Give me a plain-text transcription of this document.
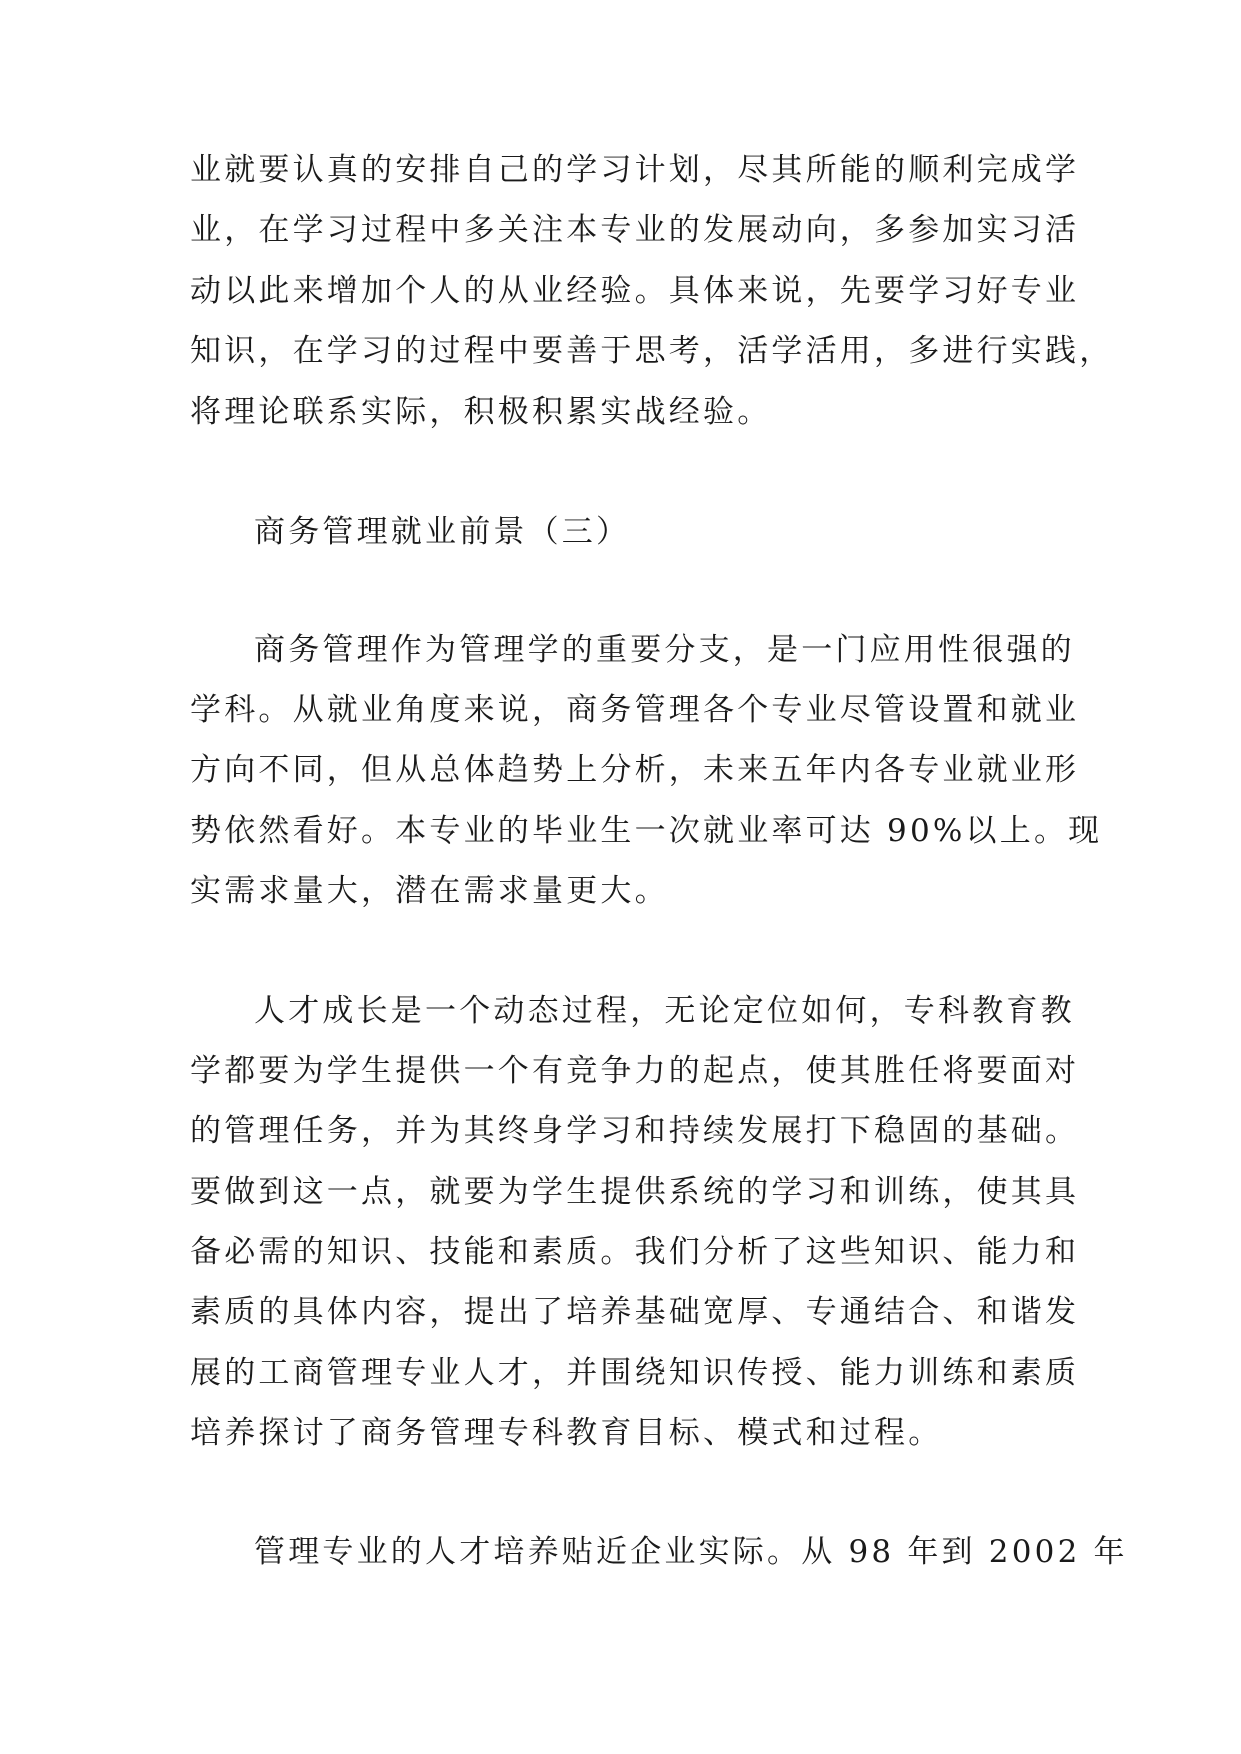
业就要认真的安排自己的学习计划，尽其所能的顺利完成学
业，在学习过程中多关注本专业的发展动向，多参加实习活
动以此来增加个人的从业经验。具体来说，先要学习好专业
知识，在学习的过程中要善于思考，活学活用，多进行实践，
将理论联系实际，积极积累实战经验。
商务管理就业前景（三）
商务管理作为管理学的重要分支，是一门应用性很强的
学科。从就业角度来说，商务管理各个专业尽管设置和就业
方向不同，但从总体趋势上分析，未来五年内各专业就业形
势依然看好。本专业的毕业生一次就业率可达 90%以上。现
实需求量大，潜在需求量更大。
人才成长是一个动态过程，无论定位如何，专科教育教
学都要为学生提供一个有竞争力的起点，使其胜任将要面对
的管理任务，并为其终身学习和持续发展打下稳固的基础。
要做到这一点，就要为学生提供系统的学习和训练，使其具
备必需的知识、技能和素质。我们分析了这些知识、能力和
素质的具体内容，提出了培养基础宽厚、专通结合、和谐发
展的工商管理专业人才，并围绕知识传授、能力训练和素质
培养探讨了商务管理专科教育目标、模式和过程。
管理专业的人才培养贴近企业实际。从 98 年到 2002 年
